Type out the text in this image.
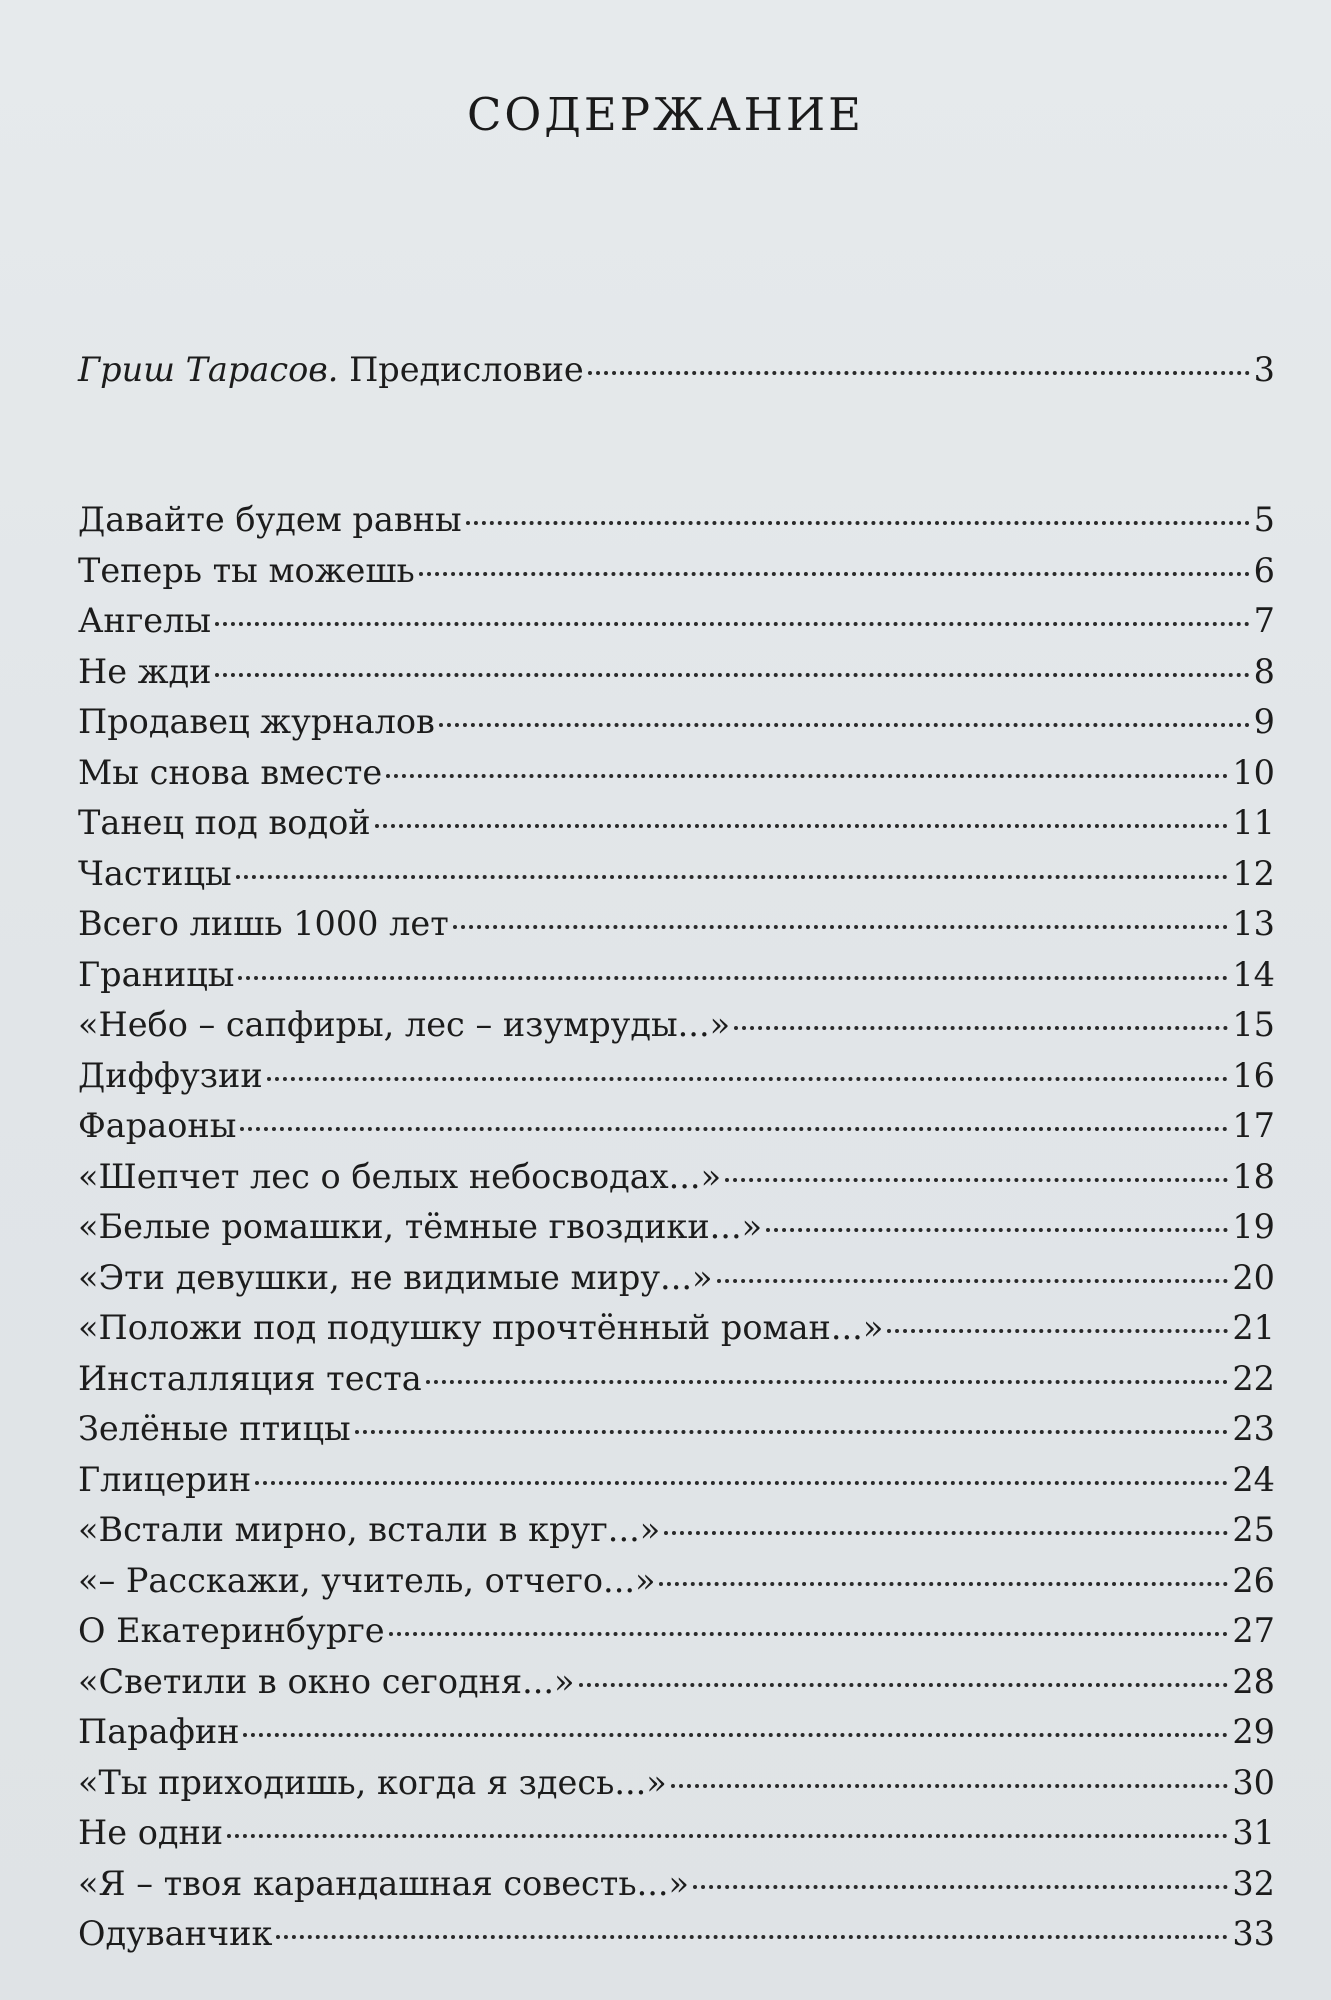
СОДЕРЖАНИЕ
Гриш Тарасов. Предисловие	3
Давайте будем равны	5
Теперь ты можешь	6
Ангелы	7
Не жди	8
Продавец журналов	9
Мы снова вместе	10
Танец под водой	11
Частицы	12
Всего лишь 1000 лет	13
Границы	14
«Небо – сапфиры, лес – изумруды...»	15
Диффузии	16
Фараоны	17
«Шепчет лес о белых небосводах...»	18
«Белые ромашки, тёмные гвоздики...»	19
«Эти девушки, не видимые миру...»	20
«Положи под подушку прочтённый роман...»	21
Инсталляция теста	22
Зелёные птицы	23
Глицерин	24
«Встали мирно, встали в круг...»	25
«– Расскажи, учитель, отчего...»	26
О Екатеринбурге	27
«Светили в окно сегодня...»	28
Парафин	29
«Ты приходишь, когда я здесь...»	30
Не одни	31
«Я – твоя карандашная совесть...»	32
Одуванчик	33
